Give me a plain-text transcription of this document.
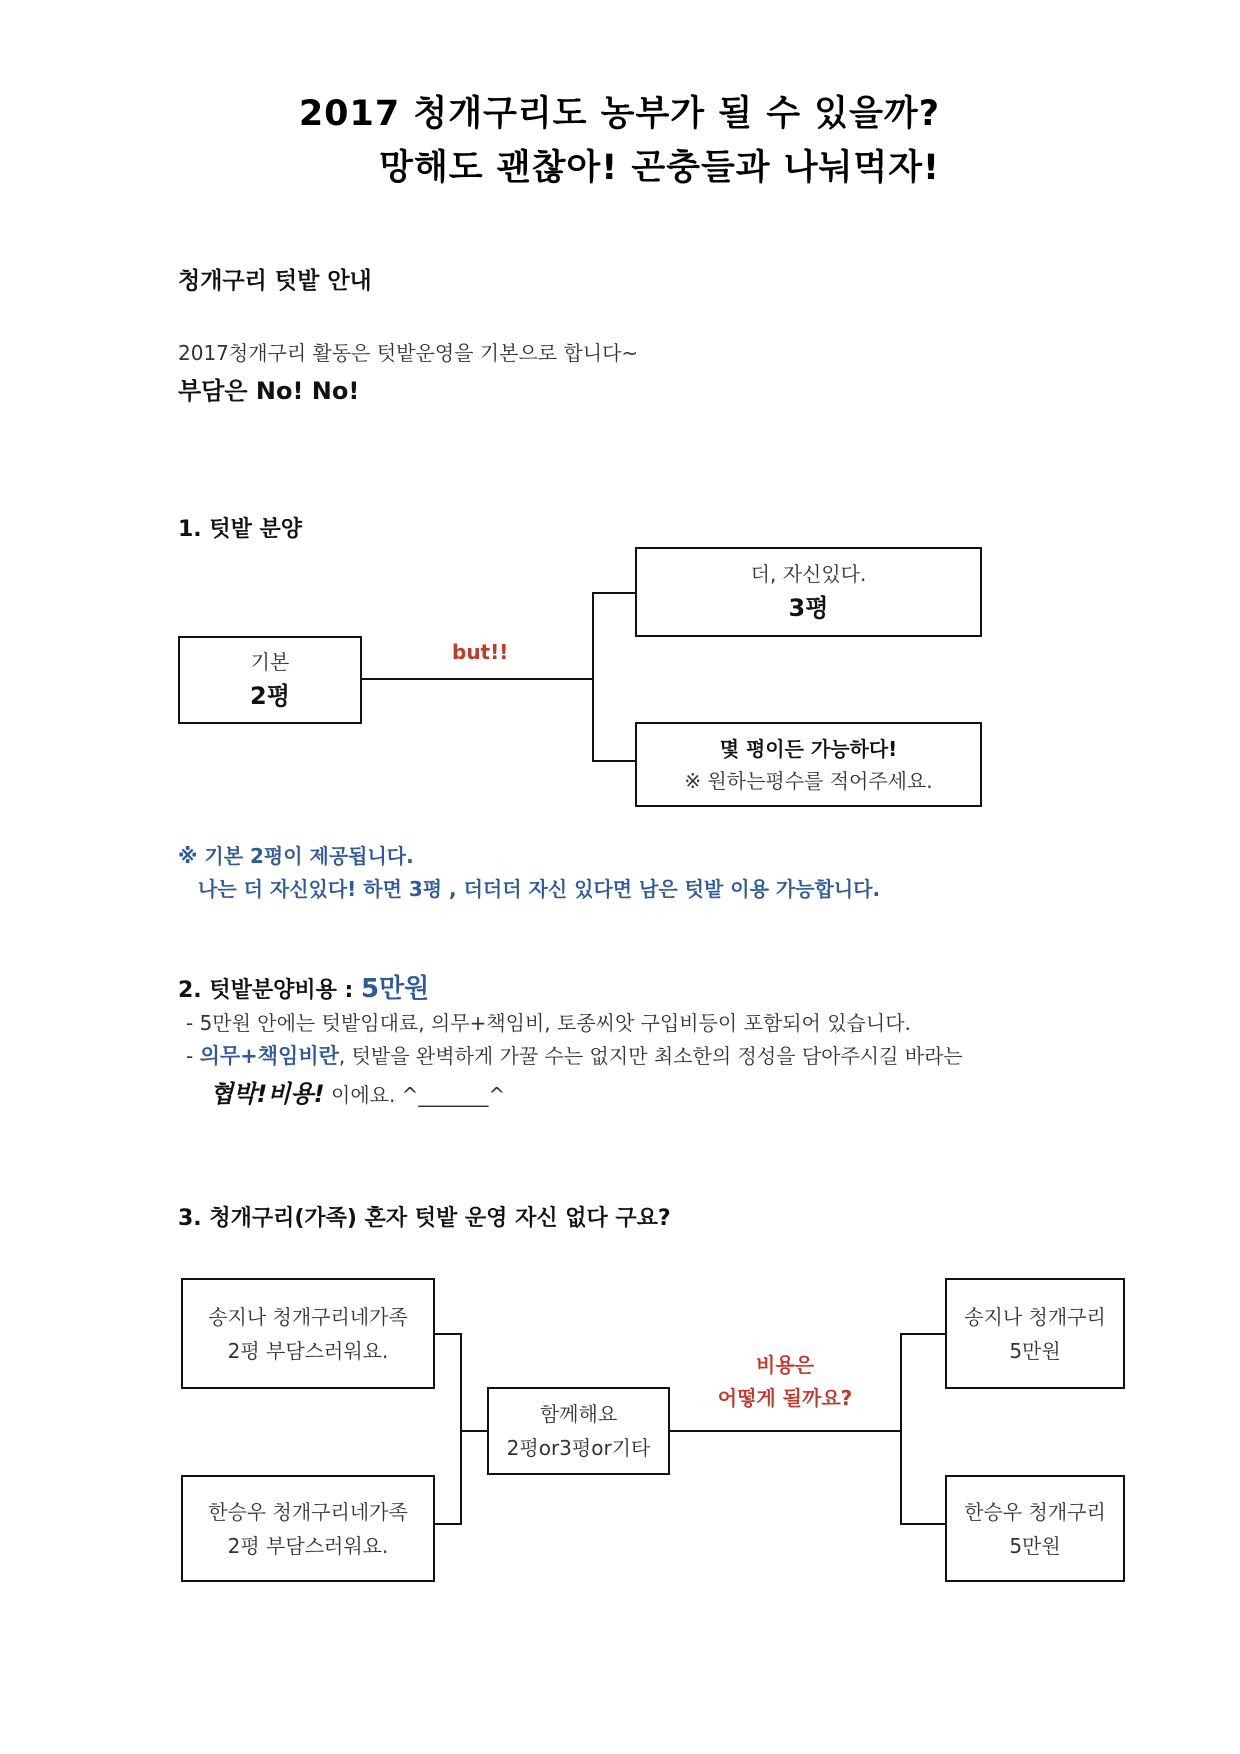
2017 청개구리도 농부가 될 수 있을까?
망해도 괜찮아! 곤충들과 나눠먹자!
청개구리 텃밭 안내
2017청개구리 활동은 텃밭운영을 기본으로 합니다~
부담은 No! No!
1. 텃밭 분양
기본
2평
but!!
더, 자신있다.
3평
몇 평이든 가능하다!
※ 원하는평수를 적어주세요.
※ 기본 2평이 제공됩니다.
나는 더 자신있다! 하면 3평 , 더더더 자신 있다면 남은 텃밭 이용 가능합니다.
2. 텃밭분양비용 : 5만원
- 5만원 안에는 텃밭임대료, 의무+책임비, 토종씨앗 구입비등이 포함되어 있습니다.
- 의무+책임비란, 텃밭을 완벽하게 가꿀 수는 없지만 최소한의 정성을 담아주시길 바라는
협박!비용! 이에요. ^_______^
3. 청개구리(가족) 혼자 텃밭 운영 자신 없다 구요?
송지나 청개구리네가족
2평 부담스러워요.
한승우 청개구리네가족
2평 부담스러워요.
함께해요
2평or3평or기타
비용은
어떻게 될까요?
송지나 청개구리
5만원
한승우 청개구리
5만원
